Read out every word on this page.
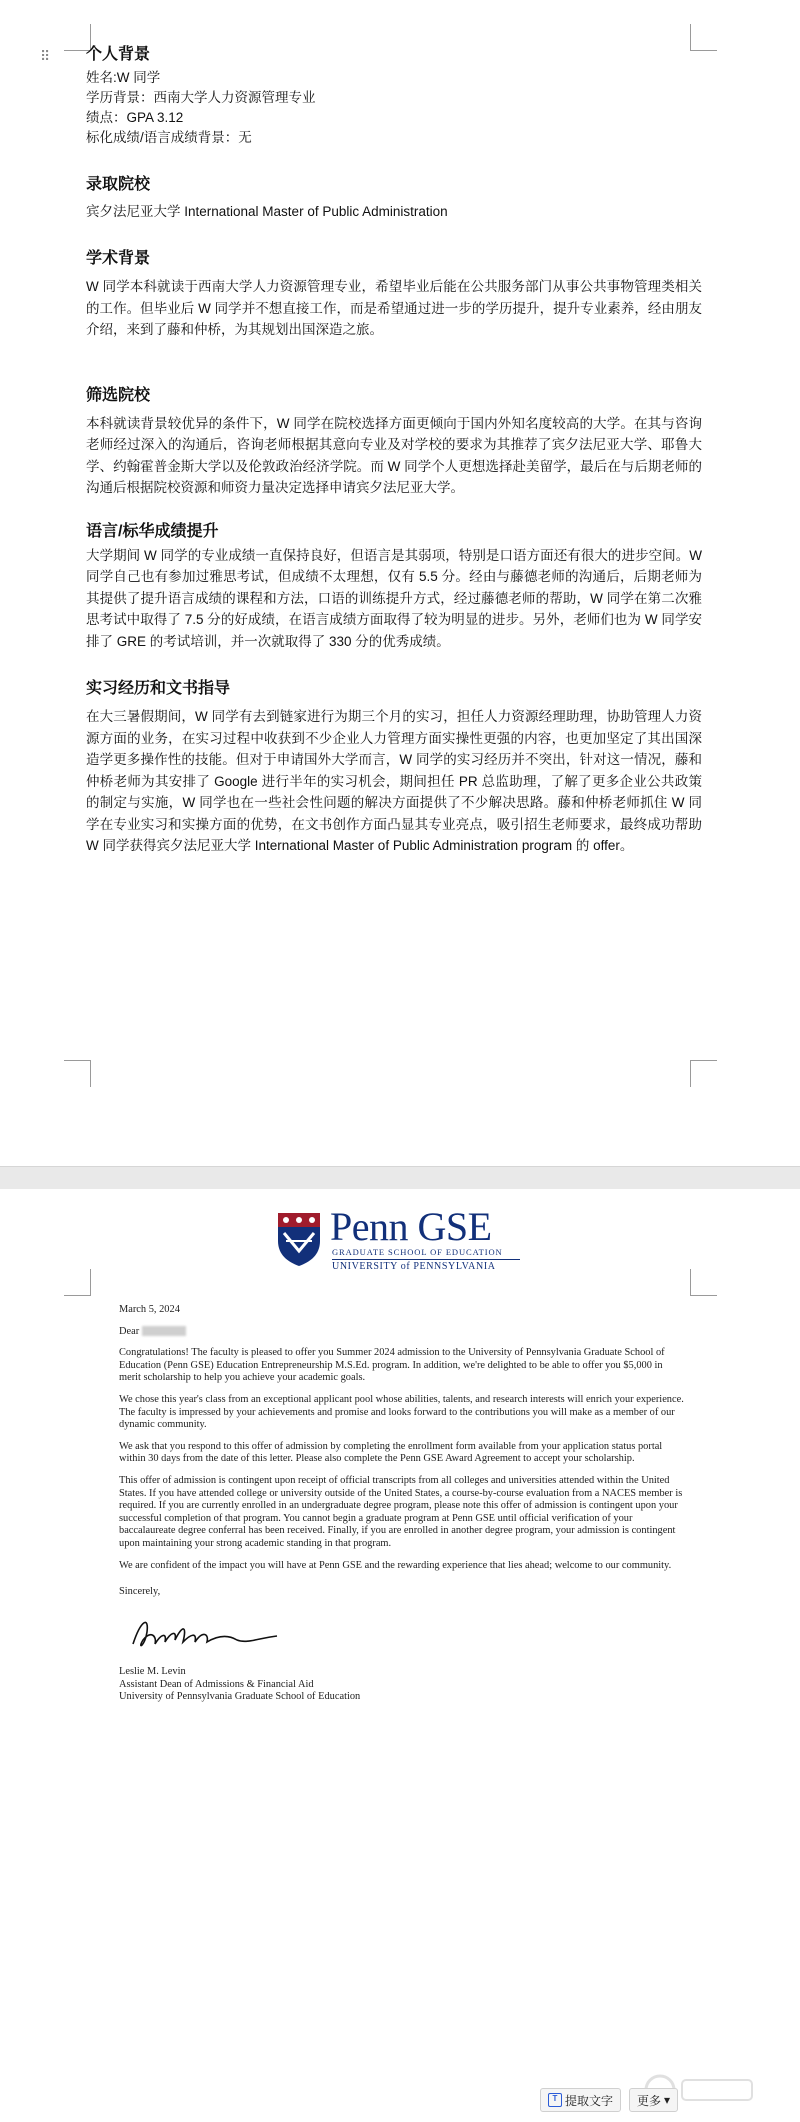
⠿ 个人背景
姓名:W 同学
学历背景：西南大学人力资源管理专业
绩点：GPA 3.12
标化成绩/语言成绩背景：无
录取院校
宾夕法尼亚大学 International Master of Public Administration
学术背景

W 同学本科就读于西南大学人力资源管理专业，希望毕业后能在公共服务部门从事公共事物管理类相关的工作。但毕业后 W 同学并不想直接工作，而是希望通过进一步的学历提升，提升专业素养，经由朋友介绍，来到了藤和仲桥，为其规划出国深造之旅。

筛选院校

本科就读背景较优异的条件下，W 同学在院校选择方面更倾向于国内外知名度较高的大学。在其与咨询老师经过深入的沟通后，咨询老师根据其意向专业及对学校的要求为其推荐了宾夕法尼亚大学、耶鲁大学、约翰霍普金斯大学以及伦敦政治经济学院。而 W 同学个人更想选择赴美留学，最后在与后期老师的沟通后根据院校资源和师资力量决定选择申请宾夕法尼亚大学。

语言/标华成绩提升

大学期间 W 同学的专业成绩一直保持良好，但语言是其弱项，特别是口语方面还有很大的进步空间。W 同学自己也有参加过雅思考试，但成绩不太理想，仅有 5.5 分。经由与藤德老师的沟通后，后期老师为其提供了提升语言成绩的课程和方法，口语的训练提升方式，经过藤德老师的帮助，W 同学在第二次雅思考试中取得了 7.5 分的好成绩，在语言成绩方面取得了较为明显的进步。另外，老师们也为 W 同学安排了 GRE 的考试培训，并一次就取得了 330 分的优秀成绩。

实习经历和文书指导

在大三暑假期间，W 同学有去到链家进行为期三个月的实习，担任人力资源经理助理，协助管理人力资源方面的业务，在实习过程中收获到不少企业人力管理方面实操性更强的内容，也更加坚定了其出国深造学更多操作性的技能。但对于申请国外大学而言，W 同学的实习经历并不突出，针对这一情况，藤和仲桥老师为其安排了 Google 进行半年的实习机会，期间担任 PR 总监助理，了解了更多企业公共政策的制定与实施，W 同学也在一些社会性问题的解决方面提供了不少解决思路。藤和仲桥老师抓住 W 同学在专业实习和实操方面的优势，在文书创作方面凸显其专业亮点，吸引招生老师要求，最终成功帮助 W 同学获得宾夕法尼亚大学 International Master of Public Administration program 的 offer。

Penn GSE
GRADUATE SCHOOL OF EDUCATION
UNIVERSITY of PENNSYLVANIA

March 5, 2024

Dear

Congratulations! The faculty is pleased to offer you Summer 2024 admission to the University of Pennsylvania Graduate School of Education (Penn GSE) Education Entrepreneurship M.S.Ed. program. In addition, we're delighted to be able to offer you $5,000 in merit scholarship to help you achieve your academic goals.

We chose this year's class from an exceptional applicant pool whose abilities, talents, and research interests will enrich your experience. The faculty is impressed by your achievements and promise and looks forward to the contributions you will make as a member of our dynamic community.

We ask that you respond to this offer of admission by completing the enrollment form available from your application status portal within 30 days from the date of this letter. Please also complete the Penn GSE Award Agreement to accept your scholarship.

This offer of admission is contingent upon receipt of official transcripts from all colleges and universities attended within the United States. If you have attended college or university outside of the United States, a course-by-course evaluation from a NACES member is required. If you are currently enrolled in an undergraduate degree program, please note this offer of admission is contingent upon your successful completion of that program. You cannot begin a graduate program at Penn GSE until official verification of your baccalaureate degree conferral has been received. Finally, if you are enrolled in another degree program, your admission is contingent upon maintaining your strong academic standing in that program.

We are confident of the impact you will have at Penn GSE and the rewarding experience that lies ahead; welcome to our community.

Sincerely,

Leslie M. Levin
Assistant Dean of Admissions & Financial Aid
University of Pennsylvania Graduate School of Education
T 提取文字 更多 ▾
